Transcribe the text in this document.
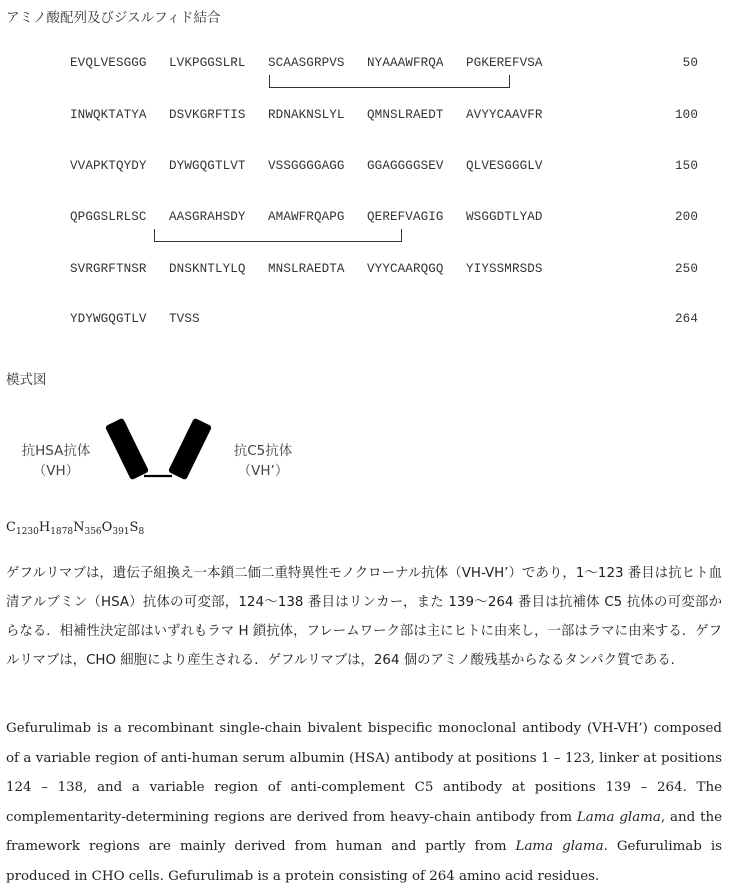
アミノ酸配列及びジスルフィド結合
EVQLVESGGG LVKPGGSLRL SCAASGRPVS NYAAAWFRQA PGKEREFVSA	50
INWQKTATYA DSVKGRFTIS RDNAKNSLYL QMNSLRAEDT AVYYCAAVFR	100
VVAPKTQYDY DYWGQGTLVT VSSGGGGAGG GGAGGGGSEV QLVESGGGLV	150
QPGGSLRLSC AASGRAHSDY AMAWFRQAPG QEREFVAGIG WSGGDTLYAD	200
SVRGRFTNSR DNSKNTLYLQ MNSLRAEDTA VYYCAARQGQ YIYSSMRSDS	250
YDYWGQGTLV TVSS	264
模式図
抗HSA抗体
（VH）
抗C5抗体
（VH’）
$C_{1230}H_{1878}N_{356}O_{391}S_8$
ゲフルリマブは，遺伝子組換え一本鎖二価二重特異性モノクローナル抗体（VH-VH’）であり，1〜123 番目は抗ヒト血清アルブミン（HSA）抗体の可変部，124〜138 番目はリンカー，また 139〜264 番目は抗補体 C5 抗体の可変部からなる．相補性決定部はいずれもラマ H 鎖抗体，フレームワーク部は主にヒトに由来し，一部はラマに由来する．ゲフルリマブは，CHO 細胞により産生される．ゲフルリマブは，264 個のアミノ酸残基からなるタンパク質である．
Gefurulimab is a recombinant single-chain bivalent bispecific monoclonal antibody (VH-VH’) composed of a variable region of anti-human serum albumin (HSA) antibody at positions 1 – 123, linker at positions 124 – 138, and a variable region of anti-complement C5 antibody at positions 139 – 264. The complementarity-determining regions are derived from heavy-chain antibody from Lama glama, and the framework regions are mainly derived from human and partly from Lama glama. Gefurulimab is produced in CHO cells. Gefurulimab is a protein consisting of 264 amino acid residues.
